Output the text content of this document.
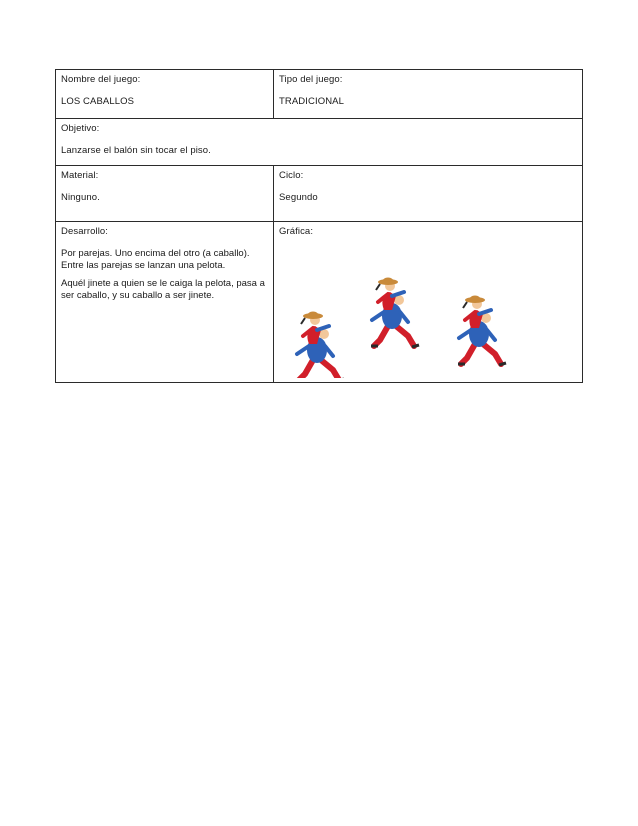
Nombre del juego:
LOS CABALLOS	Tipo del juego:
TRADICIONAL

Objetivo:
Lanzarse el balón sin tocar el piso.	

Material:
Ninguno.	Ciclo:
Segundo

Desarrollo:
Por parejas. Uno encima del otro (a caballo). Entre las parejas se lanzan una pelota.
Aquél jinete a quien se le caiga la pelota, pasa a ser caballo, y su caballo a ser jinete.	Gráfica:
